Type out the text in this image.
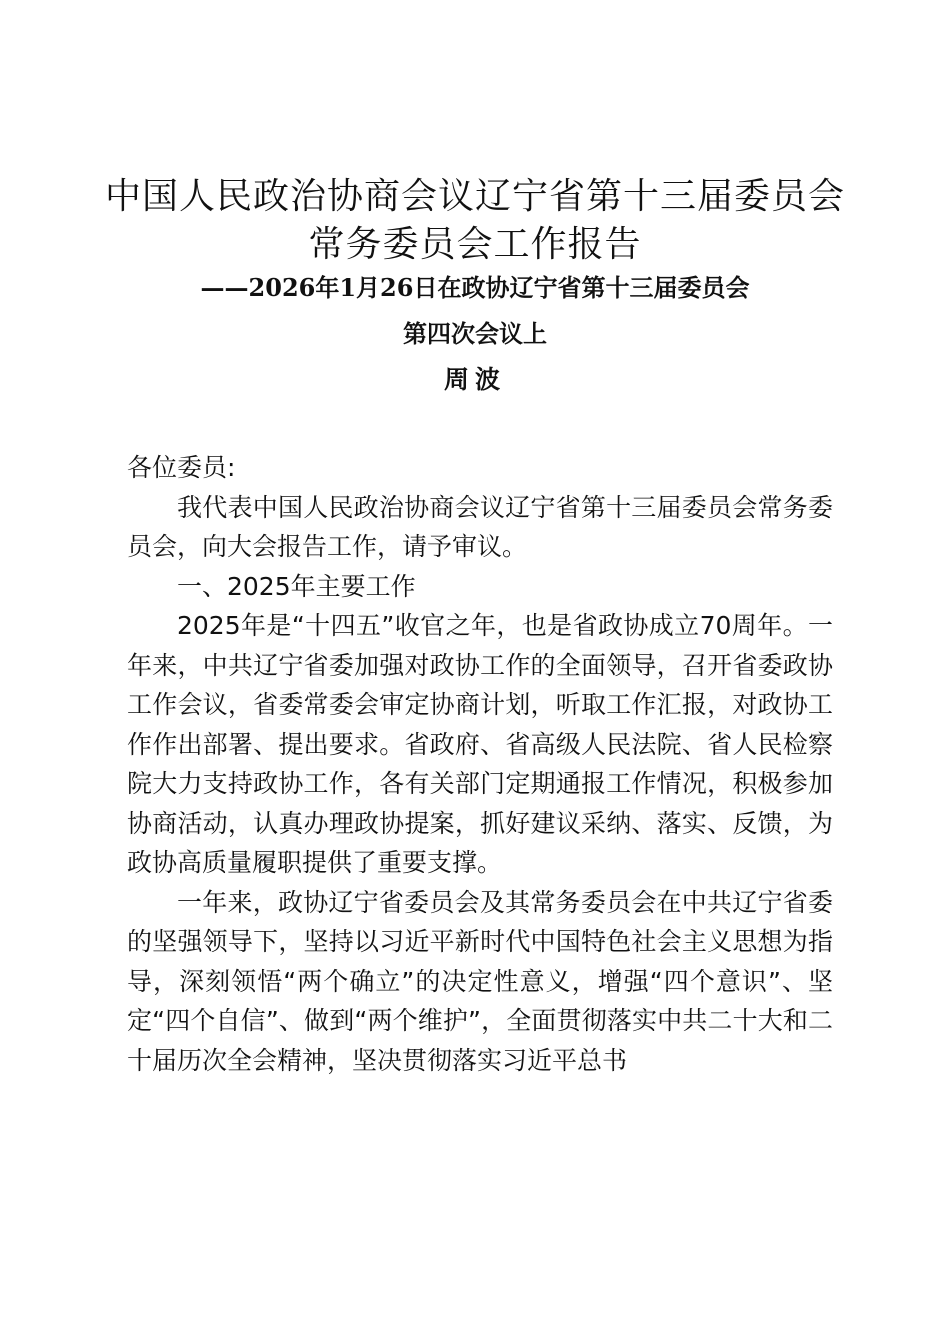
中国人民政治协商会议辽宁省第十三届委员会
常务委员会工作报告
——2026年1月26日在政协辽宁省第十三届委员会
第四次会议上
周波

各位委员:

我代表中国人民政治协商会议辽宁省第十三届委员会常务委员会，向大会报告工作，请予审议。

一、2025年主要工作

2025年是“十四五”收官之年，也是省政协成立70周年。一年来，中共辽宁省委加强对政协工作的全面领导，召开省委政协工作会议，省委常委会审定协商计划，听取工作汇报，对政协工作作出部署、提出要求。省政府、省高级人民法院、省人民检察院大力支持政协工作，各有关部门定期通报工作情况，积极参加协商活动，认真办理政协提案，抓好建议采纳、落实、反馈，为政协高质量履职提供了重要支撑。

一年来，政协辽宁省委员会及其常务委员会在中共辽宁省委的坚强领导下，坚持以习近平新时代中国特色社会主义思想为指导，深刻领悟“两个确立”的决定性意义，增强“四个意识”、坚定“四个自信”、做到“两个维护”，全面贯彻落实中共二十大和二十届历次全会精神，坚决贯彻落实习近平总书
